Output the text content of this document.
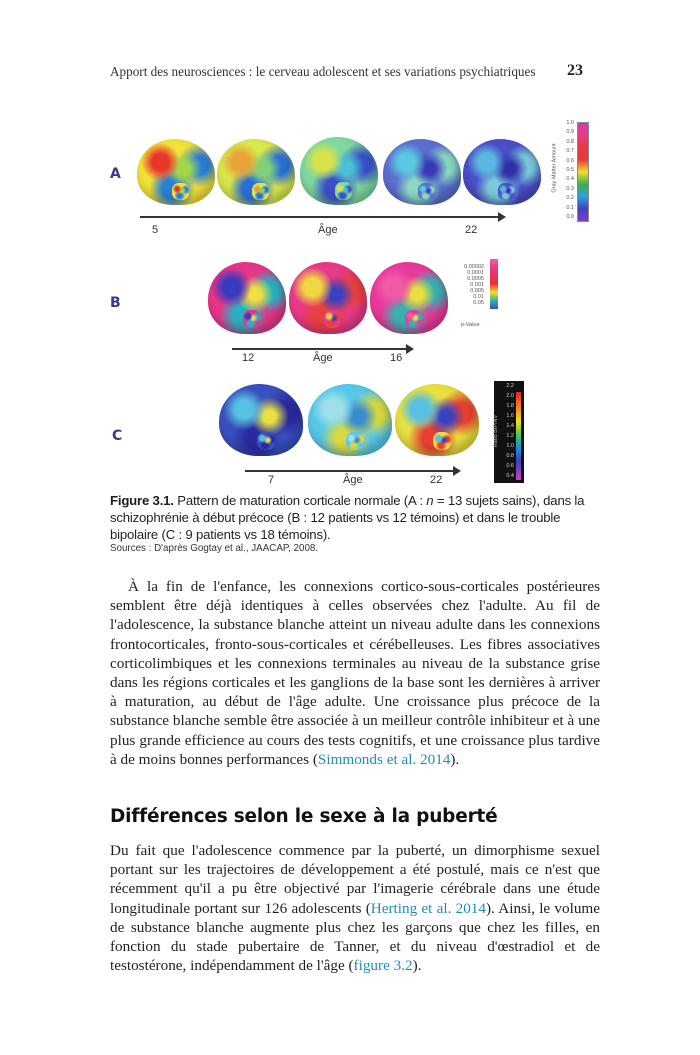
Apport des neurosciences : le cerveau adolescent et ses variations psychiatriques	23
A
5	Âge	22
Gray Matter Amount
1.0
0.9
0.8
0.7
0.6
0.5
0.4
0.3
0.2
0.1
0.0
B
12	Âge	16
0.00002
0.0001
0.0005
0.001
0.005
0.01
0.05
p-Value
C
7	Âge	22
Ratio BIP/NV
2.2
2.0
1.8
1.6
1.4
1.2
1.0
0.8
0.6
0.4
Figure 3.1. Pattern de maturation corticale normale (A : n = 13 sujets sains), dans la schizophrénie à début précoce (B : 12 patients vs 12 témoins) et dans le trouble bipolaire (C : 9 patients vs 18 témoins).
Sources : D'après Gogtay et al., JAACAP, 2008.
À la fin de l'enfance, les connexions cortico-sous-corticales postérieures semblent être déjà identiques à celles observées chez l'adulte. Au fil de l'adolescence, la substance blanche atteint un niveau adulte dans les connexions frontocorticales, fronto-sous-corticales et cérébelleuses. Les fibres associatives corticolimbiques et les connexions terminales au niveau de la substance grise dans les régions corticales et les ganglions de la base sont les dernières à arriver à maturation, au début de l'âge adulte. Une croissance plus précoce de la substance blanche semble être associée à un meilleur contrôle inhibiteur et à une plus grande efficience au cours des tests cognitifs, et une croissance plus tardive à de moins bonnes performances (Simmonds et al. 2014).
Différences selon le sexe à la puberté
Du fait que l'adolescence commence par la puberté, un dimorphisme sexuel portant sur les trajectoires de développement a été postulé, mais ce n'est que récemment qu'il a pu être objectivé par l'imagerie cérébrale dans une étude longitudinale portant sur 126 adolescents (Herting et al. 2014). Ainsi, le volume de substance blanche augmente plus chez les garçons que chez les filles, en fonction du stade pubertaire de Tanner, et du niveau d'œstradiol et de testostérone, indépendamment de l'âge (figure 3.2).
